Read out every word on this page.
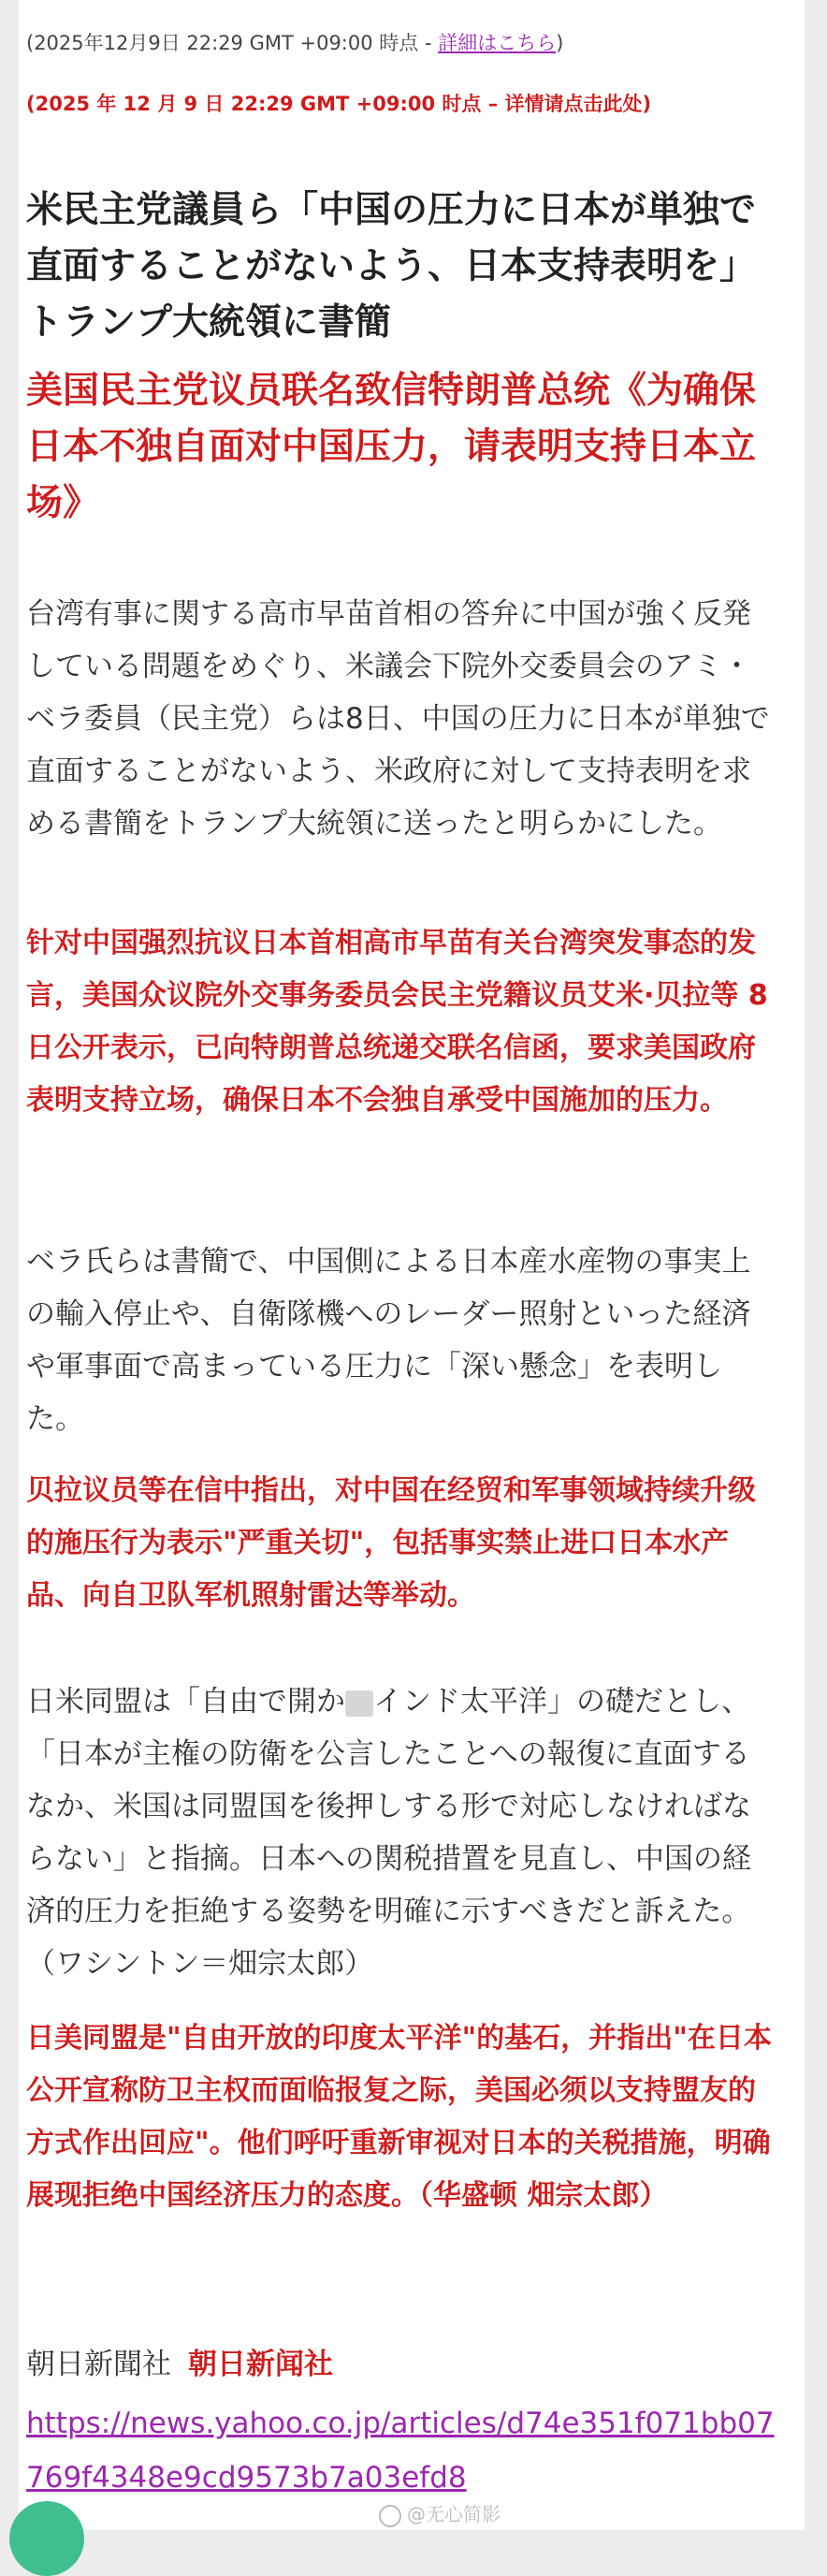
(2025年12月9日 22:29 GMT +09:00 時点 - 詳細はこちら)
(2025 年 12 月 9 日 22:29 GMT +09:00 时点 – 详情请点击此处)
米民主党議員ら「中国の圧力に日本が単独で直面することがないよう、日本支持表明を」トランプ大統領に書簡
美国民主党议员联名致信特朗普总统《为确保日本不独自面对中国压力，请表明支持日本立场》
台湾有事に関する高市早苗首相の答弁に中国が強く反発している問題をめぐり、米議会下院外交委員会のアミ・ベラ委員（民主党）らは8日、中国の圧力に日本が単独で直面することがないよう、米政府に対して支持表明を求める書簡をトランプ大統領に送ったと明らかにした。
针对中国强烈抗议日本首相高市早苗有关台湾突发事态的发言，美国众议院外交事务委员会民主党籍议员艾米·贝拉等 8 日公开表示，已向特朗普总统递交联名信函，要求美国政府表明支持立场，确保日本不会独自承受中国施加的压力。
ベラ氏らは書簡で、中国側による日本産水産物の事実上の輸入停止や、自衛隊機へのレーダー照射といった経済や軍事面で高まっている圧力に「深い懸念」を表明した。
贝拉议员等在信中指出，对中国在经贸和军事领域持续升级的施压行为表示"严重关切"，包括事实禁止进口日本水产品、向自卫队军机照射雷达等举动。
日米同盟は「自由で開か インド太平洋」の礎だとし、「日本が主権の防衛を公言したことへの報復に直面するなか、米国は同盟国を後押しする形で対応しなければならない」と指摘。日本への関税措置を見直し、中国の経済的圧力を拒絶する姿勢を明確に示すべきだと訴えた。（ワシントン＝畑宗太郎）
日美同盟是"自由开放的印度太平洋"的基石，并指出"在日本公开宣称防卫主权而面临报复之际，美国必须以支持盟友的方式作出回应"。他们呼吁重新审视对日本的关税措施，明确展现拒绝中国经济压力的态度。（华盛顿 畑宗太郎）
朝日新聞社 朝日新闻社
https://news.yahoo.co.jp/articles/d74e351f071bb07769f4348e9cd9573b7a03efd8
@无心简影
